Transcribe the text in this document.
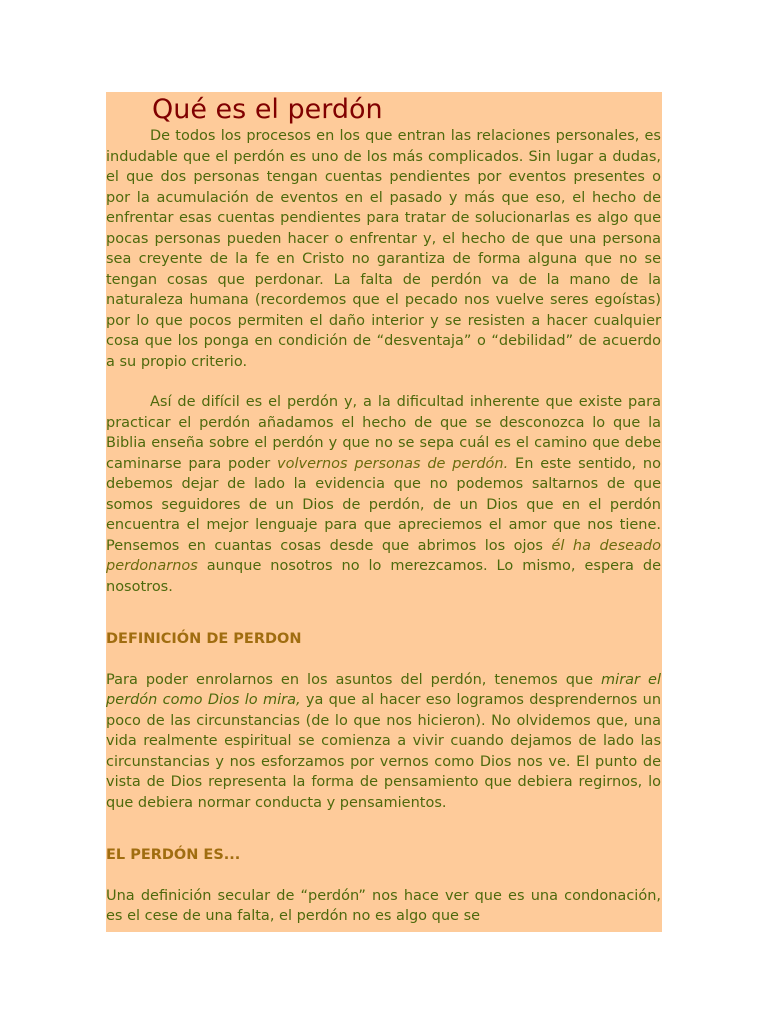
Qué es el perdón

De todos los procesos en los que entran las relaciones personales, es indudable que el perdón es uno de los más complicados. Sin lugar a dudas, el que dos personas tengan cuentas pendientes por eventos presentes o por la acumulación de eventos en el pasado y más que eso, el hecho de enfrentar esas cuentas pendientes para tratar de solucionarlas es algo que pocas personas pueden hacer o enfrentar y, el hecho de que una persona sea creyente de la fe en Cristo no garantiza de forma alguna que no se tengan cosas que perdonar. La falta de perdón va de la mano de la naturaleza humana (recordemos que el pecado nos vuelve seres egoístas) por lo que pocos permiten el daño interior y se resisten a hacer cualquier cosa que los ponga en condición de “desventaja” o “debilidad” de acuerdo a su propio criterio.

Así de difícil es el perdón y, a la dificultad inherente que existe para practicar el perdón añadamos el hecho de que se desconozca lo que la Biblia enseña sobre el perdón y que no se sepa cuál es el camino que debe caminarse para poder volvernos personas de perdón. En este sentido, no debemos dejar de lado la evidencia que no podemos saltarnos de que somos seguidores de un Dios de perdón, de un Dios que en el perdón encuentra el mejor lenguaje para que apreciemos el amor que nos tiene. Pensemos en cuantas cosas desde que abrimos los ojos él ha deseado perdonarnos aunque nosotros no lo merezcamos. Lo mismo, espera de nosotros.

DEFINICIÓN DE PERDON

Para poder enrolarnos en los asuntos del perdón, tenemos que mirar el perdón como Dios lo mira, ya que al hacer eso logramos desprendernos un poco de las circunstancias (de lo que nos hicieron). No olvidemos que, una vida realmente espiritual se comienza a vivir cuando dejamos de lado las circunstancias y nos esforzamos por vernos como Dios nos ve. El punto de vista de Dios representa la forma de pensamiento que debiera regirnos, lo que debiera normar conducta y pensamientos.

EL PERDÓN ES...

Una definición secular de “perdón” nos hace ver que es una condonación, es el cese de una falta, el perdón no es algo que se
